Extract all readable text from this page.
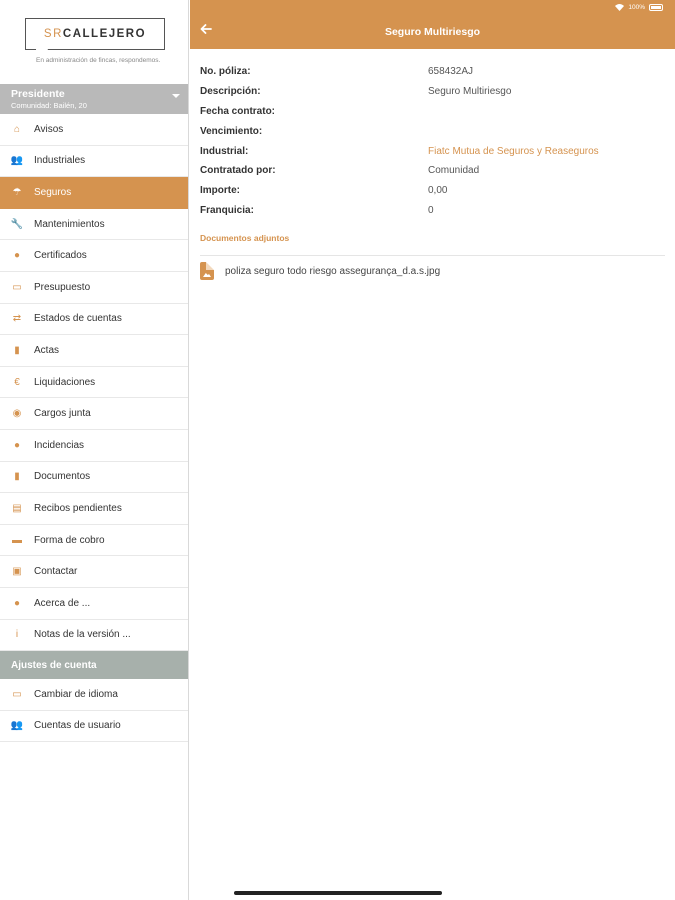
SR CALLEJERO
En administración de fincas, respondemos.
Presidente
Comunidad: Bailén, 20
⌂ Avisos
👥 Industriales
☂ Seguros
🔧 Mantenimientos
● Certificados
▭ Presupuesto
⇄ Estados de cuentas
▮	Actas
€	Liquidaciones
◉ Cargos junta
● Incidencias
▮	Documentos
▤ Recibos pendientes
▬ Forma de cobro
▣ Contactar
● Acerca de ...
i	Notas de la versión ...
Ajustes de cuenta
▭ Cambiar de idioma
👥 Cuentas de usuario
100%
Seguro Multiriesgo
No. póliza:	658432AJ
Descripción:	Seguro Multiriesgo
Fecha contrato:
Vencimiento:
Industrial:	Fiatc Mutua de Seguros y Reaseguros
Contratado por:	Comunidad
Importe:	0,00
Franquicia:	0
Documentos adjuntos
poliza seguro todo riesgo assegurança_d.a.s.jpg
